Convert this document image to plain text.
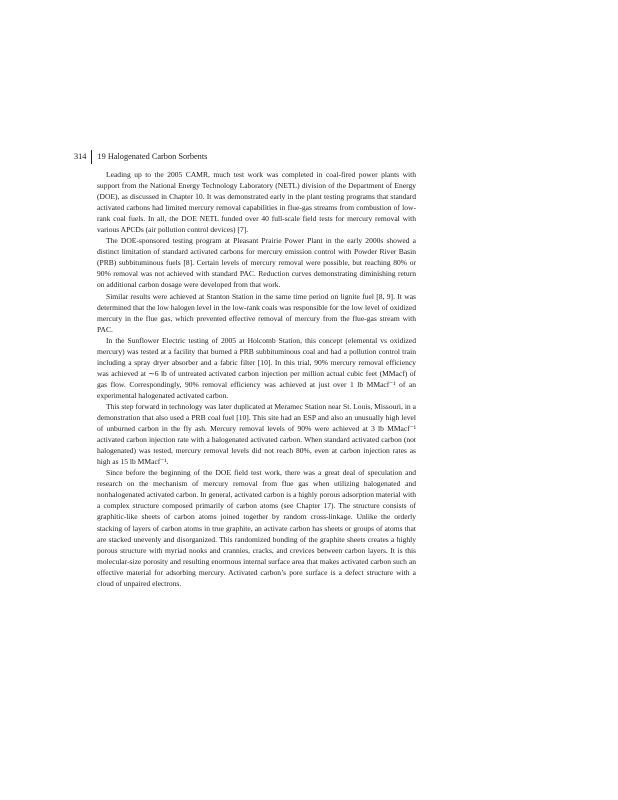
314 19 Halogenated Carbon Sorbents

Leading up to the 2005 CAMR, much test work was completed in coal-fired power plants with support from the National Energy Technology Laboratory (NETL) division of the Department of Energy (DOE), as discussed in Chapter 10. It was demonstrated early in the plant testing programs that standard activated carbons had limited mercury removal capabilities in flue-gas streams from combustion of low-rank coal fuels. In all, the DOE NETL funded over 40 full-scale field tests for mercury removal with various APCDs (air pollution control devices) [7].

The DOE-sponsored testing program at Pleasant Prairie Power Plant in the early 2000s showed a distinct limitation of standard activated carbons for mercury emission control with Powder River Basin (PRB) subbituminous fuels [8]. Certain levels of mercury removal were possible, but reaching 80% or 90% removal was not achieved with standard PAC. Reduction curves demonstrating diminishing return on additional carbon dosage were developed from that work.

Similar results were achieved at Stanton Station in the same time period on lignite fuel [8, 9]. It was determined that the low halogen level in the low-rank coals was responsible for the low level of oxidized mercury in the flue gas, which prevented effective removal of mercury from the flue-gas stream with PAC.

In the Sunflower Electric testing of 2005 at Holcomb Station, this concept (elemental vs oxidized mercury) was tested at a facility that burned a PRB subbituminous coal and had a pollution control train including a spray dryer absorber and a fabric filter [10]. In this trial, 90% mercury removal efficiency was achieved at ∼6 lb of untreated activated carbon injection per million actual cubic feet (MMacf) of gas flow. Correspondingly, 90% removal efficiency was achieved at just over 1 lb MMacf⁻¹ of an experimental halogenated activated carbon.

This step forward in technology was later duplicated at Meramec Station near St. Louis, Missouri, in a demonstration that also used a PRB coal fuel [10]. This site had an ESP and also an unusually high level of unburned carbon in the fly ash. Mercury removal levels of 90% were achieved at 3 lb MMacf⁻¹ activated carbon injection rate with a halogenated activated carbon. When standard activated carbon (not halogenated) was tested, mercury removal levels did not reach 80%, even at carbon injection rates as high as 15 lb MMacf⁻¹.

Since before the beginning of the DOE field test work, there was a great deal of speculation and research on the mechanism of mercury removal from flue gas when utilizing halogenated and nonhalogenated activated carbon. In general, activated carbon is a highly porous adsorption material with a complex structure composed primarily of carbon atoms (see Chapter 17). The structure consists of graphitic-like sheets of carbon atoms joined together by random cross-linkage. Unlike the orderly stacking of layers of carbon atoms in true graphite, an activate carbon has sheets or groups of atoms that are stacked unevenly and disorganized. This randomized bonding of the graphite sheets creates a highly porous structure with myriad nooks and crannies, cracks, and crevices between carbon layers. It is this molecular-size porosity and resulting enormous internal surface area that makes activated carbon such an effective material for adsorbing mercury. Activated carbon’s pore surface is a defect structure with a cloud of unpaired electrons.
